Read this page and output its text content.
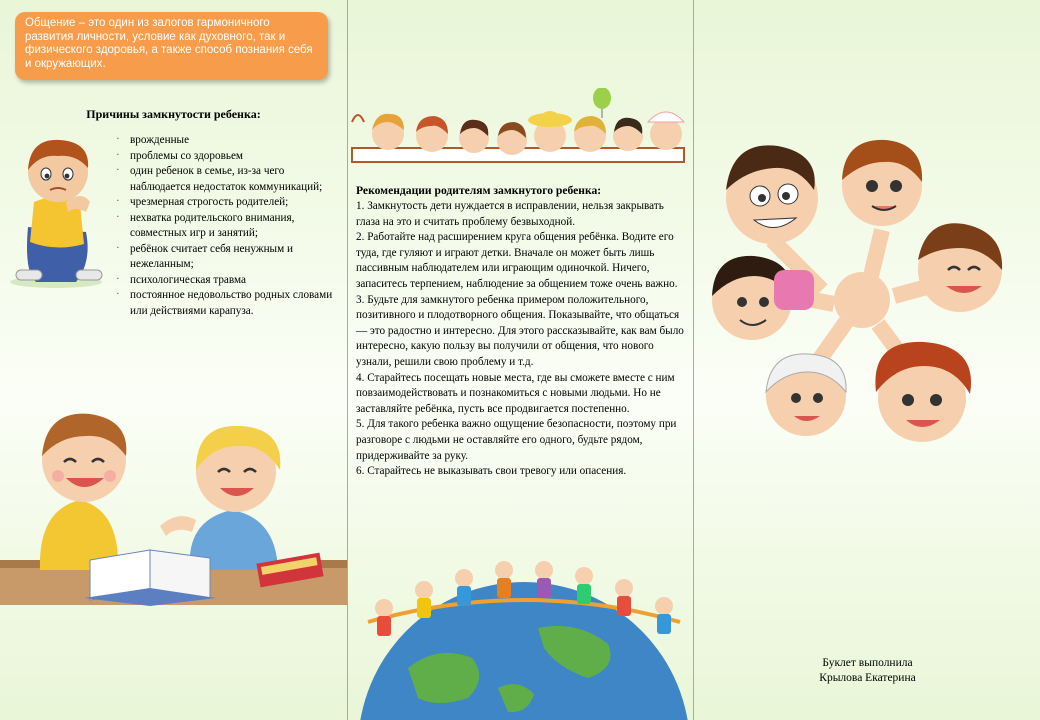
Общение – это один из залогов гармоничного развития личности, условие как духовного, так и физического здоровья, а также способ познания себя и окружающих.
Причины замкнутости ребенка:
· врожденные
· проблемы со здоровьем
· один ребенок в семье, из-за чего наблюдается недостаток коммуникаций;
· чрезмерная строгость родителей;
· нехватка родительского внимания, совместных игр и занятий;
· ребёнок считает себя ненужным и нежеланным;
· психологическая травма
· постоянное недовольство родных словами или действиями карапуза.
Рекомендации родителям замкнутого ребенка:
1. Замкнутость дети нуждается в исправлении, нельзя закрывать глаза на это и считать проблему безвыходной.
2. Работайте над расширением круга общения ребёнка. Водите его туда, где гуляют и играют детки. Вначале он может быть лишь пассивным наблюдателем или играющим одиночкой. Ничего, запаситесь терпением, наблюдение за общением тоже очень важно.
3. Будьте для замкнутого ребенка примером положительного, позитивного и плодотворного общения. Показывайте, что общаться — это радостно и интересно. Для этого рассказывайте, как вам было интересно, какую пользу вы получили от общения, что нового узнали, решили свою проблему и т.д.
4. Старайтесь посещать новые места, где вы сможете вместе с ним повзаимодействовать и познакомиться с новыми людьми. Но не заставляйте ребёнка, пусть все продвигается постепенно.
5. Для такого ребенка важно ощущение безопасности, поэтому при разговоре с людьми не оставляйте его одного, будьте рядом, придерживайте за руку.
6. Старайтесь не выказывать свои тревогу или опасения.
Буклет выполнила
Крылова Екатерина
